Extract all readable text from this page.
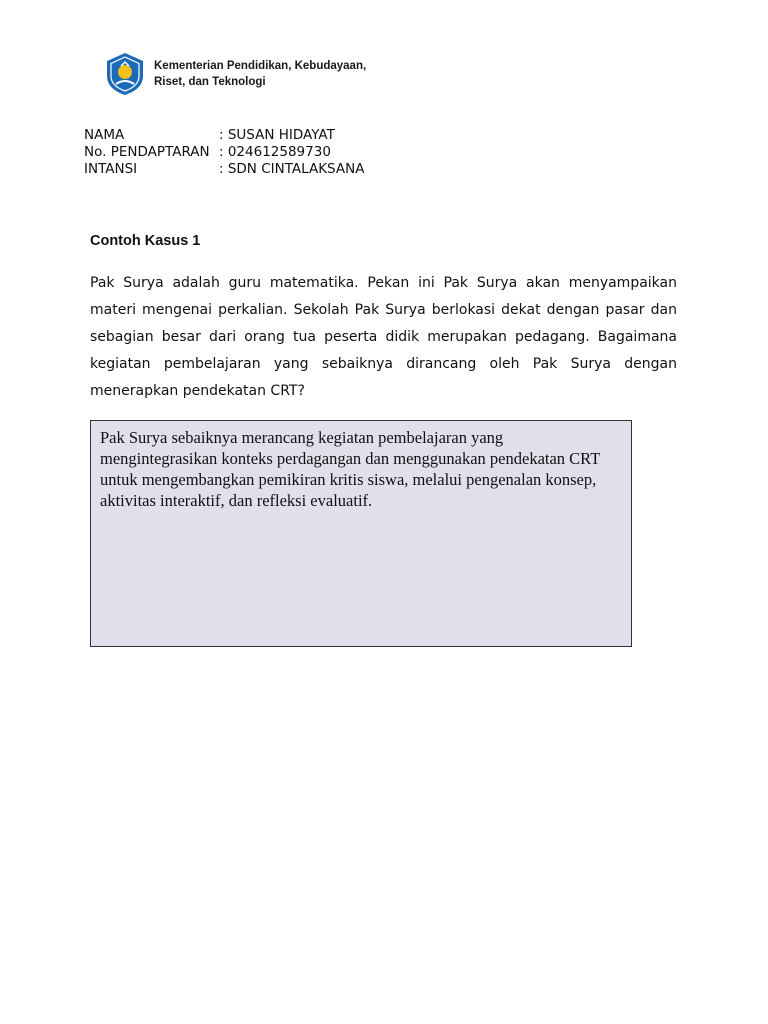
Kementerian Pendidikan, Kebudayaan,
Riset, dan Teknologi
NAMA	: SUSAN HIDAYAT
No. PENDAPTARAN : 024612589730
INTANSI	: SDN CINTALAKSANA
Contoh Kasus 1

Pak Surya adalah guru matematika. Pekan ini Pak Surya akan menyampaikan materi mengenai perkalian. Sekolah Pak Surya berlokasi dekat dengan pasar dan sebagian besar dari orang tua peserta didik merupakan pedagang. Bagaimana kegiatan pembelajaran yang sebaiknya dirancang oleh Pak Surya dengan menerapkan pendekatan CRT?

Pak Surya sebaiknya merancang kegiatan pembelajaran yang mengintegrasikan konteks perdagangan dan menggunakan pendekatan CRT untuk mengembangkan pemikiran kritis siswa, melalui pengenalan konsep, aktivitas interaktif, dan refleksi evaluatif.
